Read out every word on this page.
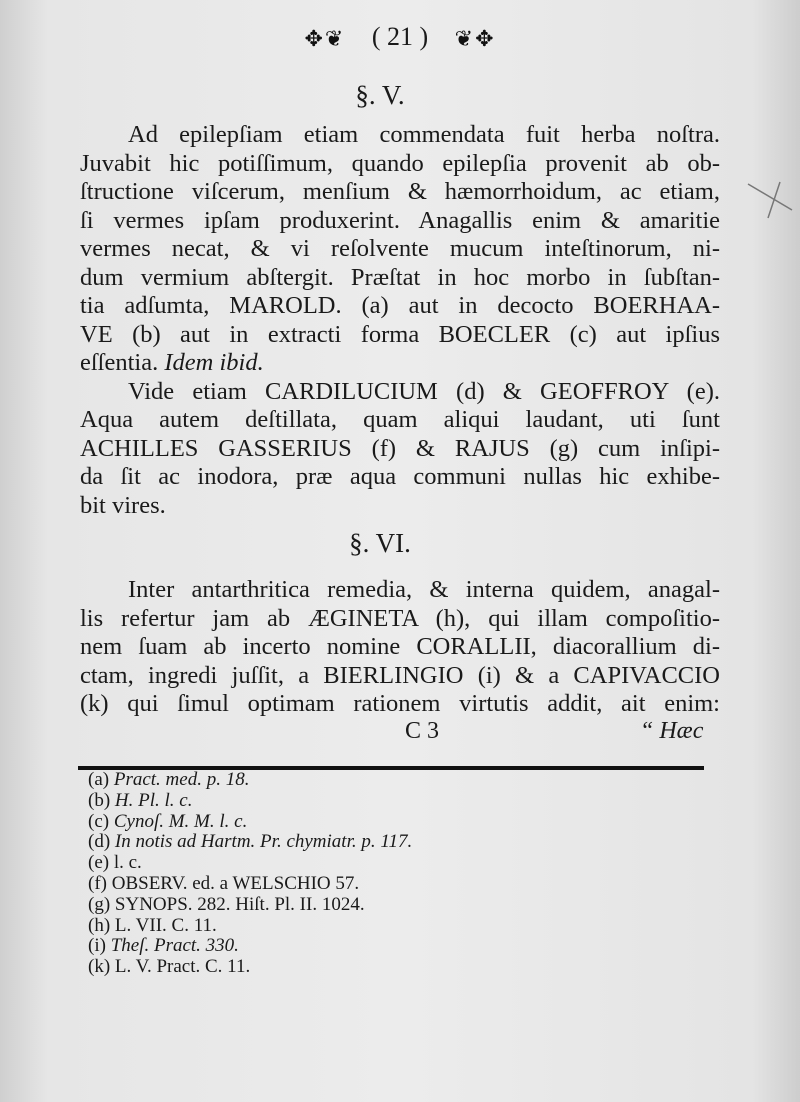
✥❦ ( 21 ) ❦✥
§. V.
Ad epilepſiam etiam commendata fuit herba noſtra.
Juvabit hic potiſſimum, quando epilepſia provenit ab ob-
ſtructione viſcerum, menſium & hæmorrhoidum, ac etiam,
ſi vermes ipſam produxerint. Anagallis enim & amaritie
vermes necat, & vi reſolvente mucum inteſtinorum, ni-
dum vermium abſtergit. Præſtat in hoc morbo in ſubſtan-
tia adſumta, MAROLD. (a) aut in decocto BOERHAA-
VE (b) aut in extracti forma BOECLER (c) aut ipſius
eſſentia. Idem ibid.
Vide etiam CARDILUCIUM (d) & GEOFFROY (e).
Aqua autem deſtillata, quam aliqui laudant, uti ſunt
ACHILLES GASSERIUS (f) & RAJUS (g) cum inſipi-
da ſit ac inodora, præ aqua communi nullas hic exhibe-
bit vires.
§. VI.
Inter antarthritica remedia, & interna quidem, anagal-
lis refertur jam ab ÆGINETA (h), qui illam compoſitio-
nem ſuam ab incerto nomine CORALLII, diacorallium di-
ctam, ingredi juſſit, a BIERLINGIO (i) & a CAPIVACCIO
(k) qui ſimul optimam rationem virtutis addit, ait enim:
C 3	“ Hæc
(a) Pract. med. p. 18.
(b) H. Pl. l. c.
(c) Cynoſ. M. M. l. c.
(d) In notis ad Hartm. Pr. chymiatr. p. 117.
(e) l. c.
(f) OBSERV. ed. a WELSCHIO 57.
(g) SYNOPS. 282. Hiſt. Pl. II. 1024.
(h) L. VII. C. 11.
(i) Theſ. Pract. 330.
(k) L. V. Pract. C. 11.
